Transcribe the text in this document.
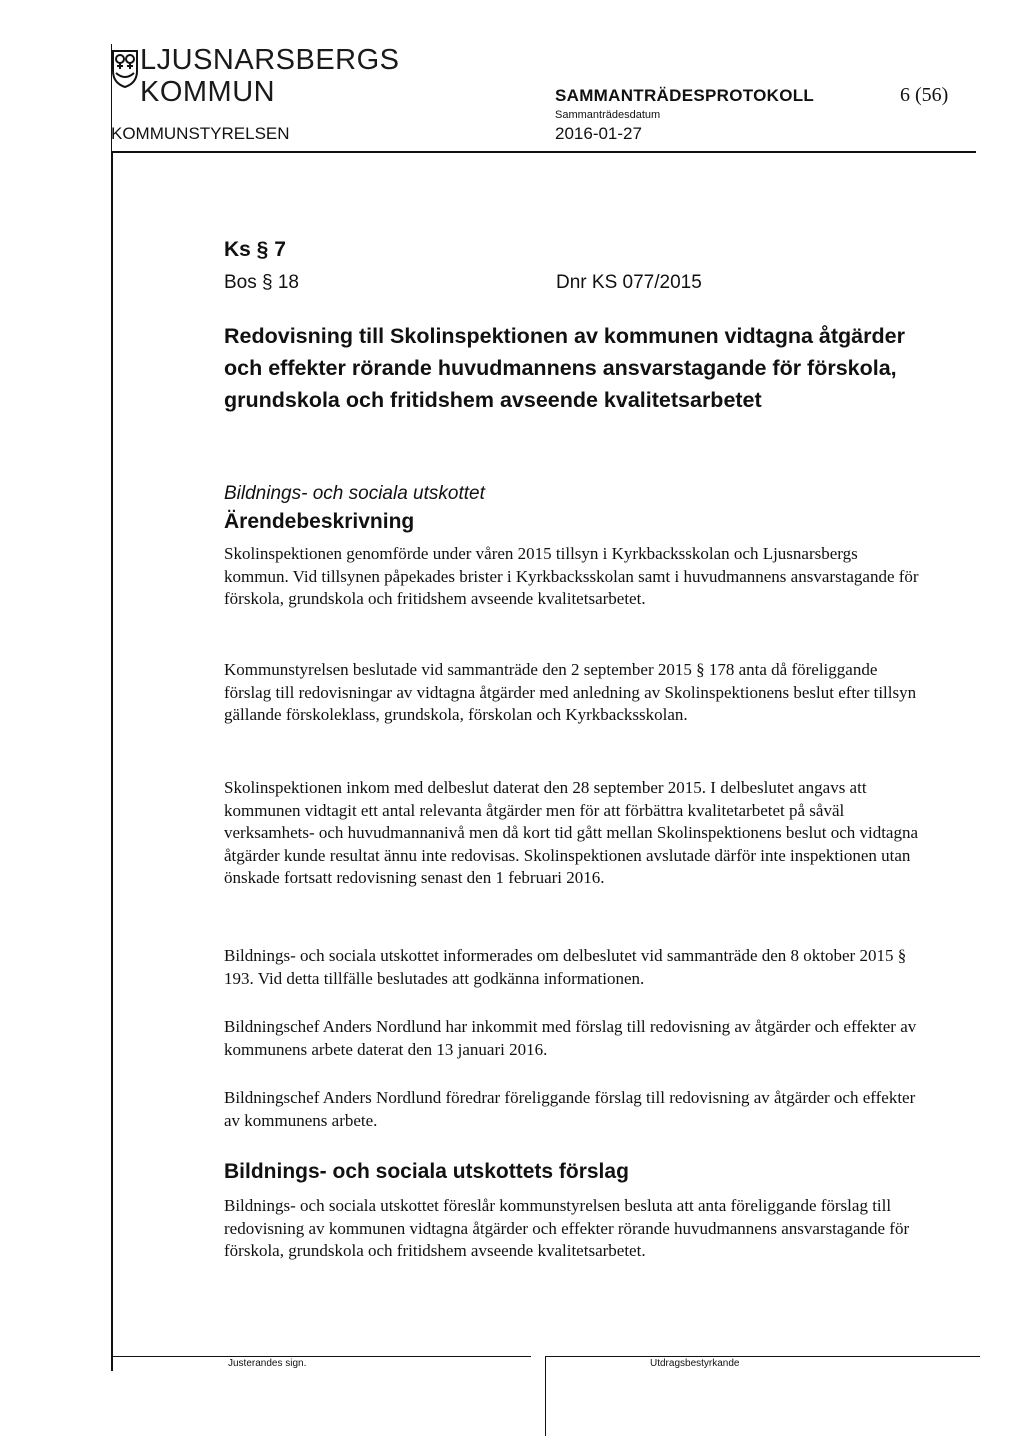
LJUSNARSBERGS
KOMMUN
KOMMUNSTYRELSEN
SAMMANTRÄDESPROTOKOLL	6 (56)
Sammanträdesdatum
2016-01-27
Ks § 7
Bos § 18	Dnr KS 077/2015
Redovisning till Skolinspektionen av kommunen vidtagna åtgärder och effekter rörande huvudmannens ansvarstagande för förskola, grundskola och fritidshem avseende kvalitetsarbetet
Bildnings- och sociala utskottet
Ärendebeskrivning
Skolinspektionen genomförde under våren 2015 tillsyn i Kyrkbacksskolan och Ljusnarsbergs kommun. Vid tillsynen påpekades brister i Kyrkbacksskolan samt i huvudmannens ansvarstagande för förskola, grundskola och fritidshem avseende kvalitetsarbetet.
Kommunstyrelsen beslutade vid sammanträde den 2 september 2015 § 178 anta då föreliggande förslag till redovisningar av vidtagna åtgärder med anledning av Skolinspektionens beslut efter tillsyn gällande förskoleklass, grundskola, förskolan och Kyrkbacksskolan.
Skolinspektionen inkom med delbeslut daterat den 28 september 2015. I delbeslutet angavs att kommunen vidtagit ett antal relevanta åtgärder men för att förbättra kvalitetarbetet på såväl verksamhets- och huvudmannanivå men då kort tid gått mellan Skolinspektionens beslut och vidtagna åtgärder kunde resultat ännu inte redovisas. Skolinspektionen avslutade därför inte inspektionen utan önskade fortsatt redovisning senast den 1 februari 2016.
Bildnings- och sociala utskottet informerades om delbeslutet vid sammanträde den 8 oktober 2015 § 193. Vid detta tillfälle beslutades att godkänna informationen.
Bildningschef Anders Nordlund har inkommit med förslag till redovisning av åtgärder och effekter av kommunens arbete daterat den 13 januari 2016.
Bildningschef Anders Nordlund föredrar föreliggande förslag till redovisning av åtgärder och effekter av kommunens arbete.
Bildnings- och sociala utskottets förslag
Bildnings- och sociala utskottet föreslår kommunstyrelsen besluta att anta föreliggande förslag till redovisning av kommunen vidtagna åtgärder och effekter rörande huvudmannens ansvarstagande för förskola, grundskola och fritidshem avseende kvalitetsarbetet.
Justerandes sign.	Utdragsbestyrkande
